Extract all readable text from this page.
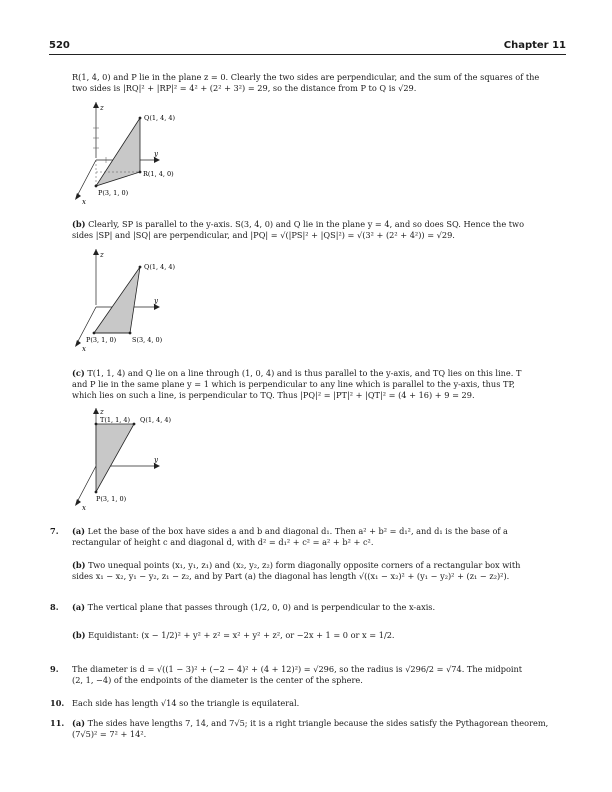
520	Chapter 11
R(1, 4, 0) and P lie in the plane z = 0. Clearly the two sides are perpendicular, and the sum of the squares of the
two sides is |RQ|² + |RP|² = 4² + (2² + 3²) = 29, so the distance from P to Q is √29.
z
y
x
Q(1, 4, 4)
R(1, 4, 0)
P(3, 1, 0)
(b) Clearly, SP is parallel to the y-axis. S(3, 4, 0) and Q lie in the plane y = 4, and so does SQ. Hence the two
sides |SP| and |SQ| are perpendicular, and |PQ| = √(|PS|² + |QS|²) = √(3² + (2² + 4²)) = √29.
z
y
x
Q(1, 4, 4)
P(3, 1, 0) S(3, 4, 0)
(c) T(1, 1, 4) and Q lie on a line through (1, 0, 4) and is thus parallel to the y-axis, and TQ lies on this line. T
and P lie in the same plane y = 1 which is perpendicular to any line which is parallel to the y-axis, thus TP,
which lies on such a line, is perpendicular to TQ. Thus |PQ|² = |PT|² + |QT|² = (4 + 16) + 9 = 29.
z
y
x
T(1, 1, 4) Q(1, 4, 4)
P(3, 1, 0)
7. (a) Let the base of the box have sides a and b and diagonal d₁. Then a² + b² = d₁², and d₁ is the base of a
rectangular of height c and diagonal d, with d² = d₁² + c² = a² + b² + c².
(b) Two unequal points (x₁, y₁, z₁) and (x₂, y₂, z₂) form diagonally opposite corners of a rectangular box with
sides x₁ − x₂, y₁ − y₂, z₁ − z₂, and by Part (a) the diagonal has length √((x₁ − x₂)² + (y₁ − y₂)² + (z₁ − z₂)²).
8. (a) The vertical plane that passes through (1/2, 0, 0) and is perpendicular to the x-axis.
(b) Equidistant: (x − 1/2)² + y² + z² = x² + y² + z², or −2x + 1 = 0 or x = 1/2.
9. The diameter is d = √((1 − 3)² + (−2 − 4)² + (4 + 12)²) = √296, so the radius is √296/2 = √74. The midpoint
(2, 1, −4) of the endpoints of the diameter is the center of the sphere.
10. Each side has length √14 so the triangle is equilateral.
11. (a) The sides have lengths 7, 14, and 7√5; it is a right triangle because the sides satisfy the Pythagorean theorem,
(7√5)² = 7² + 14².
